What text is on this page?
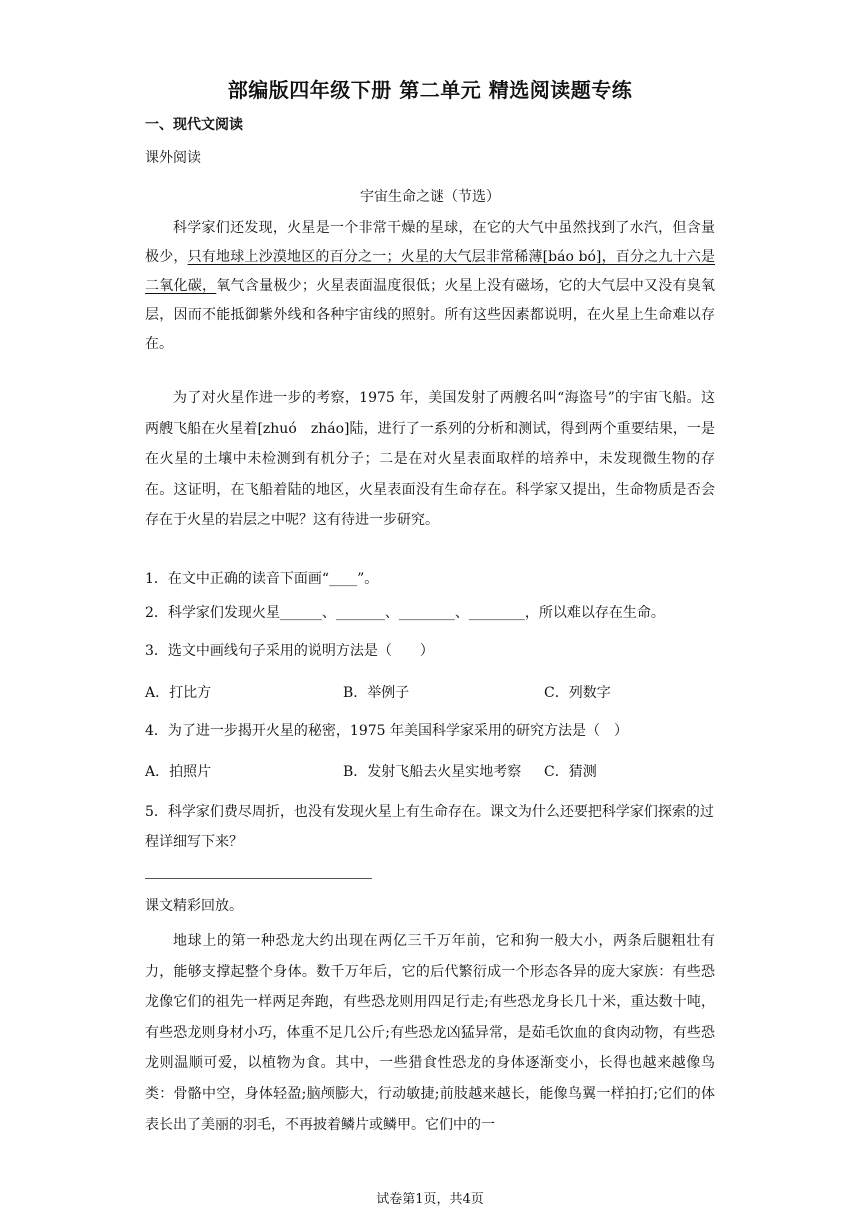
部编版四年级下册 第二单元 精选阅读题专练
一、现代文阅读
课外阅读
宇宙生命之谜（节选）
科学家们还发现，火星是一个非常干燥的星球，在它的大气中虽然找到了水汽，但含量极少，只有地球上沙漠地区的百分之一；火星的大气层非常稀薄[báo bó]，百分之九十六是二氧化碳，氧气含量极少；火星表面温度很低；火星上没有磁场，它的大气层中又没有臭氧层，因而不能抵御紫外线和各种宇宙线的照射。所有这些因素都说明，在火星上生命难以存在。
为了对火星作进一步的考察，1975 年，美国发射了两艘名叫“海盗号”的宇宙飞船。这两艘飞船在火星着[zhuó　zháo]陆，进行了一系列的分析和测试，得到两个重要结果，一是在火星的土壤中未检测到有机分子；二是在对火星表面取样的培养中，未发现微生物的存在。这证明，在飞船着陆的地区，火星表面没有生命存在。科学家又提出，生命物质是否会存在于火星的岩层之中呢？这有待进一步研究。
1．在文中正确的读音下面画“____”。
2．科学家们发现火星______、_______、________、________，所以难以存在生命。
3．选文中画线句子采用的说明方法是（　　）
A．打比方	B．举例子	C．列数字
4．为了进一步揭开火星的秘密，1975 年美国科学家采用的研究方法是（　）
A．拍照片	B．发射飞船去火星实地考察 C．猜测
5．科学家们费尽周折，也没有发现火星上有生命存在。课文为什么还要把科学家们探索的过程详细写下来？
课文精彩回放。
地球上的第一种恐龙大约出现在两亿三千万年前，它和狗一般大小，两条后腿粗壮有力，能够支撑起整个身体。数千万年后，它的后代繁衍成一个形态各异的庞大家族：有些恐龙像它们的祖先一样两足奔跑，有些恐龙则用四足行走;有些恐龙身长几十米，重达数十吨，有些恐龙则身材小巧，体重不足几公斤;有些恐龙凶猛异常，是茹毛饮血的食肉动物，有些恐龙则温顺可爱，以植物为食。其中，一些猎食性恐龙的身体逐渐变小，长得也越来越像鸟类：骨骼中空，身体轻盈;脑颅膨大，行动敏捷;前肢越来越长，能像鸟翼一样拍打;它们的体表长出了美丽的羽毛，不再披着鳞片或鳞甲。它们中的一
试卷第1页，共4页
